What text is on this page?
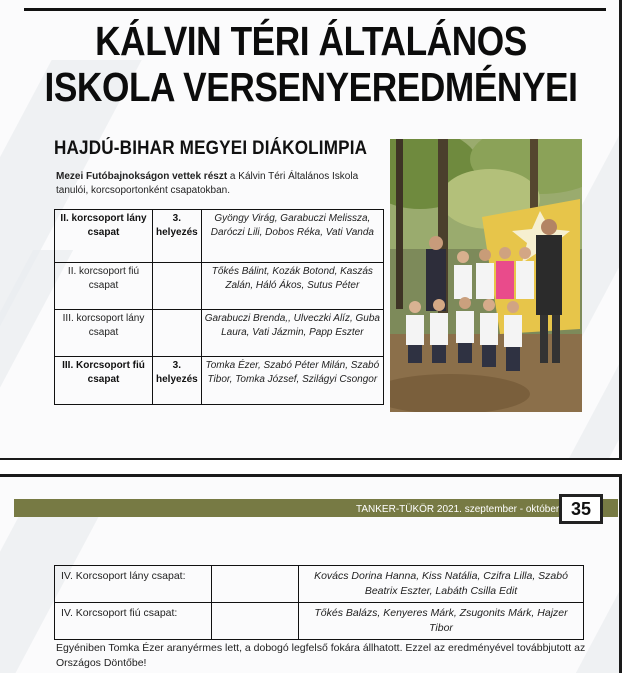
KÁLVIN TÉRI ÁLTALÁNOS
ISKOLA VERSENYEREDMÉNYEI
HAJDÚ-BIHAR MEGYEI DIÁKOLIMPIA
Mezei Futóbajnokságon vettek részt a Kálvin Téri Általános Iskola tanulói, korcsoportonként csapatokban.
II. korcsoport lány csapat	3. helyezés	Gyöngy Virág, Garabuczi Melissza, Daróczi Lili, Dobos Réka, Vati Vanda
II. korcsoport fiú csapat		Tőkés Bálint, Kozák Botond, Kaszás Zalán, Háló Ákos, Sutus Péter
III. korcsoport lány csapat		Garabuczi Brenda,, Ulveczki Alíz, Guba Laura, Vati Jázmin, Papp Eszter
III. Korcsoport fiú csapat	3. helyezés	Tomka Ézer, Szabó Péter Milán, Szabó Tibor, Tomka József, Szilágyi Csongor
TANKER-TÜKÖR 2021. szeptember - október 35
IV. Korcsoport lány csapat:		Kovács Dorina Hanna, Kiss Natália, Czifra Lilla, Szabó Beatrix Eszter, Labáth Csilla Edit
IV. Korcsoport fiú csapat:		Tőkés Balázs, Kenyeres Márk, Zsugonits Márk, Hajzer Tibor
Egyéniben Tomka Ézer aranyérmes lett, a dobogó legfelső fokára állhatott. Ezzel az eredményével továbbjutott az Országos Döntőbe!
